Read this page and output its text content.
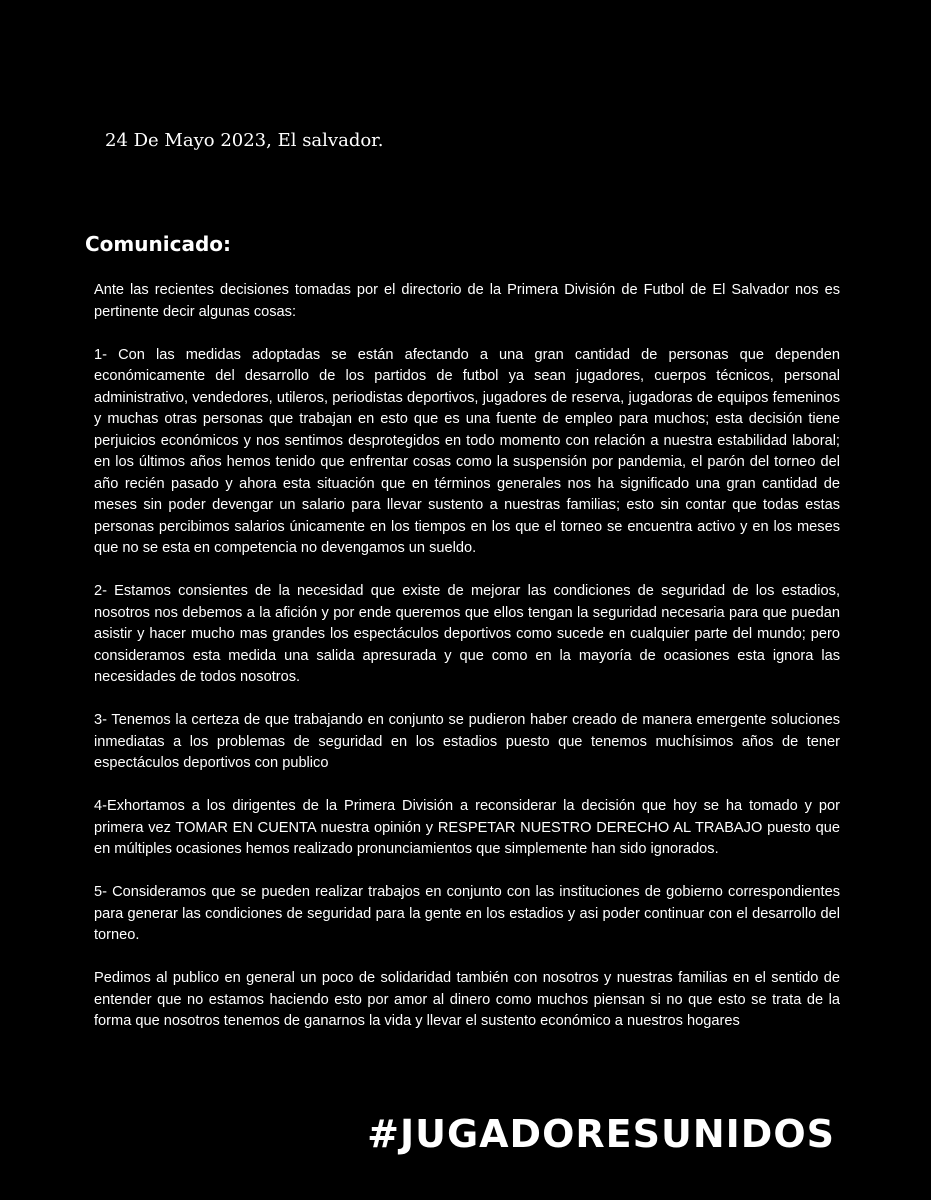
24 De Mayo 2023, El salvador.
Comunicado:

Ante las recientes decisiones tomadas por el directorio de la Primera División de Futbol de El Salvador nos es pertinente decir algunas cosas:

1- Con las medidas adoptadas se están afectando a una gran cantidad de personas que dependen económicamente del desarrollo de los partidos de futbol ya sean jugadores, cuerpos técnicos, personal administrativo, vendedores, utileros, periodistas deportivos, jugadores de reserva, jugadoras de equipos femeninos y muchas otras personas que trabajan en esto que es una fuente de empleo para muchos; esta decisión tiene perjuicios económicos y nos sentimos desprotegidos en todo momento con relación a nuestra estabilidad laboral; en los últimos años hemos tenido que enfrentar cosas como la suspensión por pandemia, el parón del torneo del año recién pasado y ahora esta situación que en términos generales nos ha significado una gran cantidad de meses sin poder devengar un salario para llevar sustento a nuestras familias; esto sin contar que todas estas personas percibimos salarios únicamente en los tiempos en los que el torneo se encuentra activo y en los meses que no se esta en competencia no devengamos un sueldo.

2- Estamos consientes de la necesidad que existe de mejorar las condiciones de seguridad de los estadios, nosotros nos debemos a la afición y por ende queremos que ellos tengan la seguridad necesaria para que puedan asistir y hacer mucho mas grandes los espectáculos deportivos como sucede en cualquier parte del mundo; pero consideramos esta medida una salida apresurada y que como en la mayoría de ocasiones esta ignora las necesidades de todos nosotros.

3- Tenemos la certeza de que trabajando en conjunto se pudieron haber creado de manera emergente soluciones inmediatas a los problemas de seguridad en los estadios puesto que tenemos muchísimos años de tener espectáculos deportivos con publico

4-Exhortamos a los dirigentes de la Primera División a reconsiderar la decisión que hoy se ha tomado y por primera vez TOMAR EN CUENTA nuestra opinión y RESPETAR NUESTRO DERECHO AL TRABAJO puesto que en múltiples ocasiones hemos realizado pronunciamientos que simplemente han sido ignorados.

5- Consideramos que se pueden realizar trabajos en conjunto con las instituciones de gobierno correspondientes para generar las condiciones de seguridad para la gente en los estadios y asi poder continuar con el desarrollo del torneo.

Pedimos al publico en general un poco de solidaridad también con nosotros y nuestras familias en el sentido de entender que no estamos haciendo esto por amor al dinero como muchos piensan si no que esto se trata de la forma que nosotros tenemos de ganarnos la vida y llevar el sustento económico a nuestros hogares

#JUGADORESUNIDOS
